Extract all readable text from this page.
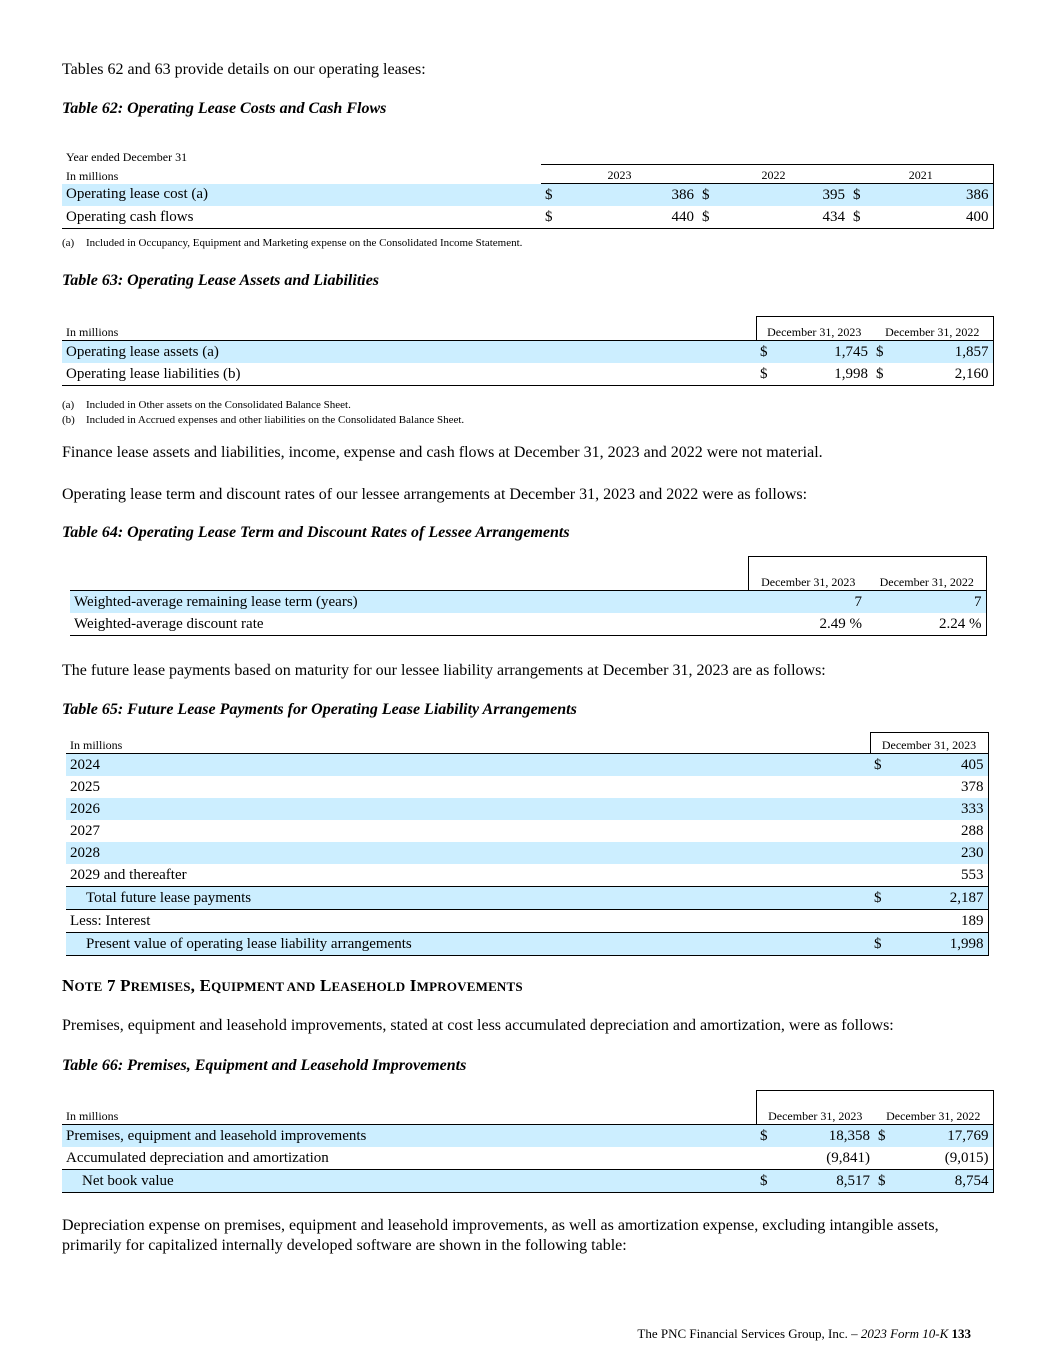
Tables 62 and 63 provide details on our operating leases:

Table 62: Operating Lease Costs and Cash Flows

Year ended December 31						
In millions	2023		2022		2021	
Operating lease cost (a)	$	386	$	395	$	386
Operating cash flows	$	440	$	434	$	400
(a) Included in Occupancy, Equipment and Marketing expense on the Consolidated Income Statement.

Table 63: Operating Lease Assets and Liabilities

In millions	December 31, 2023		December 31, 2022	
Operating lease assets (a)	$	1,745	$	1,857
Operating lease liabilities (b)	$	1,998	$	2,160
(a) Included in Other assets on the Consolidated Balance Sheet.
(b) Included in Accrued expenses and other liabilities on the Consolidated Balance Sheet.

Finance lease assets and liabilities, income, expense and cash flows at December 31, 2023 and 2022 were not material.

Operating lease term and discount rates of our lessee arrangements at December 31, 2023 and 2022 were as follows:

Table 64: Operating Lease Term and Discount Rates of Lessee Arrangements

	December 31, 2023	December 31, 2022
Weighted-average remaining lease term (years)	7	7
Weighted-average discount rate	2.49 %	2.24 %

The future lease payments based on maturity for our lessee liability arrangements at December 31, 2023 are as follows:

Table 65: Future Lease Payments for Operating Lease Liability Arrangements

In millions	December 31, 2023	
2024	$	405
2025		378
2026		333
2027		288
2028		230
2029 and thereafter		553
Total future lease payments	$	2,187
Less: Interest		189
Present value of operating lease liability arrangements	$	1,998

NOTE 7 PREMISES, EQUIPMENT AND LEASEHOLD IMPROVEMENTS

Premises, equipment and leasehold improvements, stated at cost less accumulated depreciation and amortization, were as follows:

Table 66: Premises, Equipment and Leasehold Improvements

In millions	December 31, 2023		December 31, 2022	
Premises, equipment and leasehold improvements	$	18,358	$	17,769
Accumulated depreciation and amortization		(9,841)		(9,015)
Net book value	$	8,517	$	8,754

Depreciation expense on premises, equipment and leasehold improvements, as well as amortization expense, excluding intangible assets, primarily for capitalized internally developed software are shown in the following table:

The PNC Financial Services Group, Inc. – 2023 Form 10-K 133
